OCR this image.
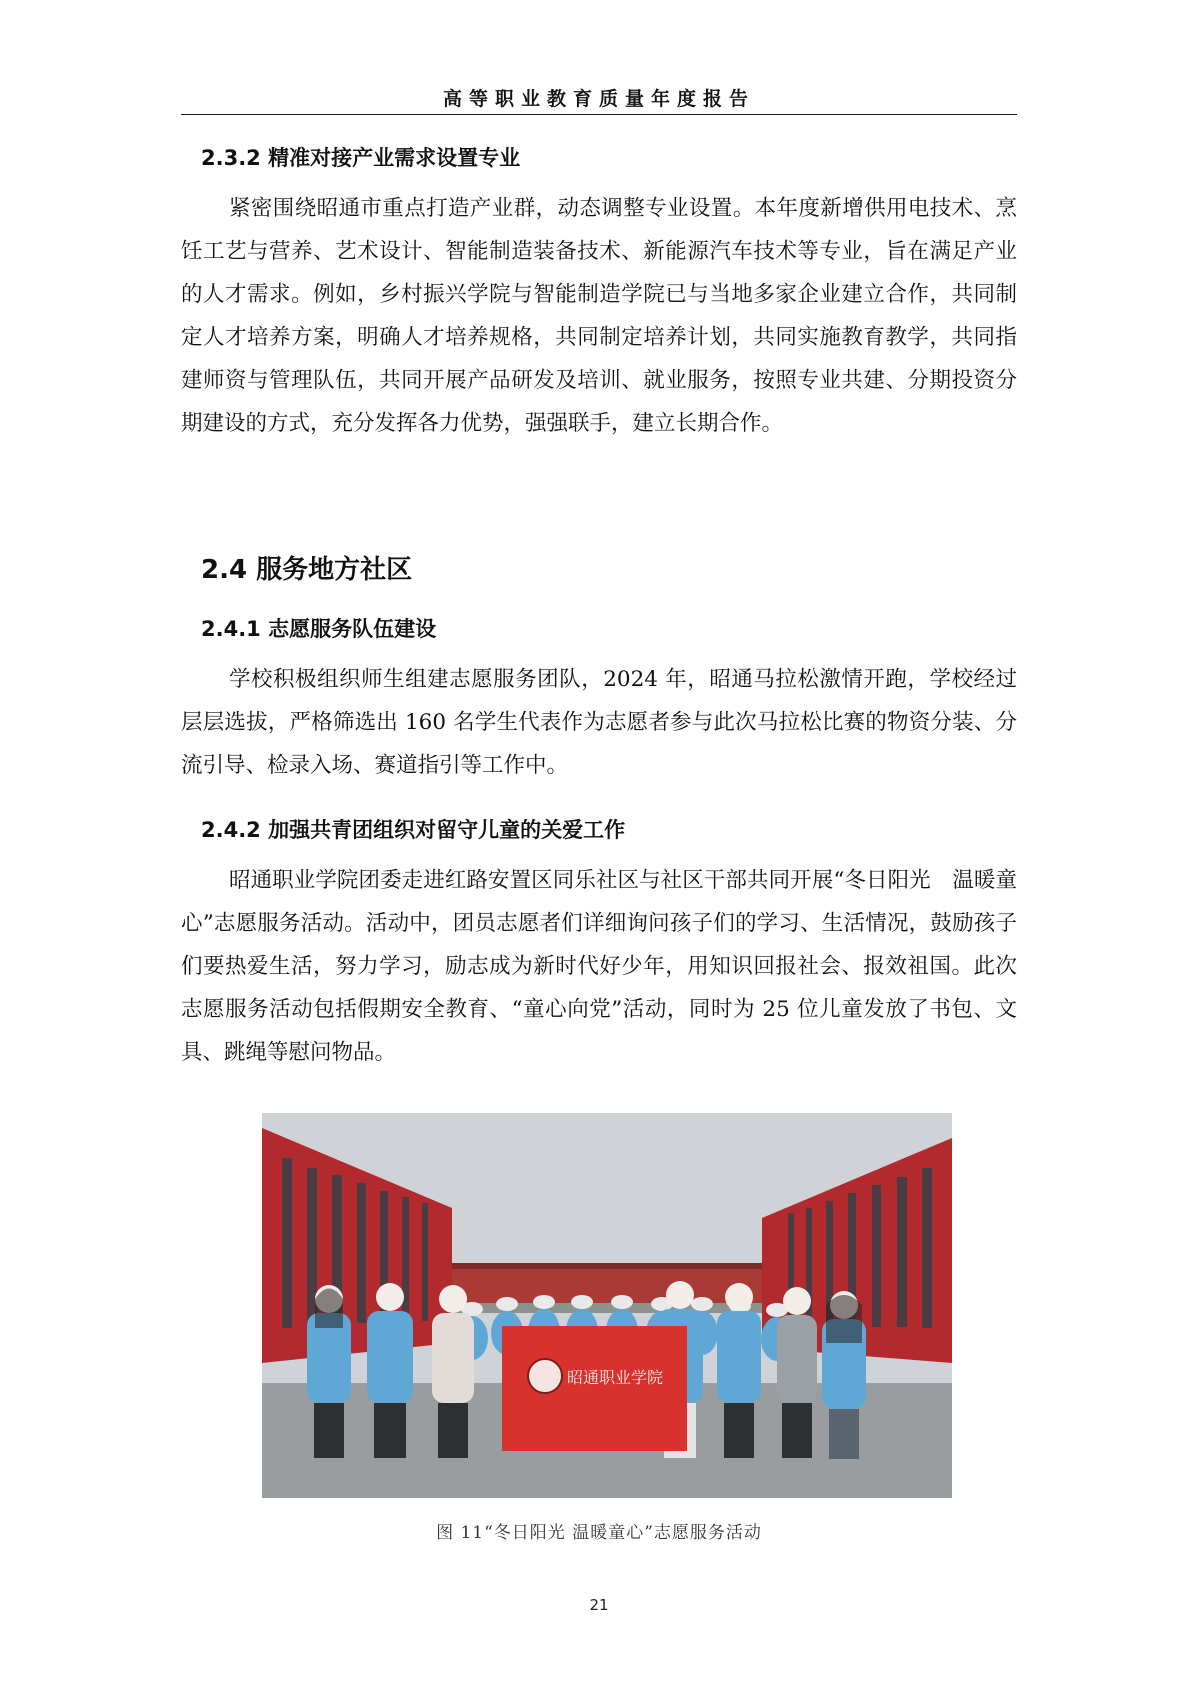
高等职业教育质量年度报告
2.3.2 精准对接产业需求设置专业
紧密围绕昭通市重点打造产业群，动态调整专业设置。本年度新增供用电技术、烹饪工艺与营养、艺术设计、智能制造装备技术、新能源汽车技术等专业，旨在满足产业的人才需求。例如，乡村振兴学院与智能制造学院已与当地多家企业建立合作，共同制定人才培养方案，明确人才培养规格，共同制定培养计划，共同实施教育教学，共同指建师资与管理队伍，共同开展产品研发及培训、就业服务，按照专业共建、分期投资分期建设的方式，充分发挥各力优势，强强联手，建立长期合作。
2.4 服务地方社区
2.4.1 志愿服务队伍建设
学校积极组织师生组建志愿服务团队，2024 年，昭通马拉松激情开跑，学校经过层层选拔，严格筛选出 160 名学生代表作为志愿者参与此次马拉松比赛的物资分装、分流引导、检录入场、赛道指引等工作中。
2.4.2 加强共青团组织对留守儿童的关爱工作
昭通职业学院团委走进红路安置区同乐社区与社区干部共同开展“冬日阳光　温暖童心”志愿服务活动。活动中，团员志愿者们详细询问孩子们的学习、生活情况，鼓励孩子们要热爱生活，努力学习，励志成为新时代好少年，用知识回报社会、报效祖国。此次志愿服务活动包括假期安全教育、“童心向党”活动，同时为 25 位儿童发放了书包、文具、跳绳等慰问物品。
昭通职业学院
图 11“冬日阳光 温暖童心”志愿服务活动
21
